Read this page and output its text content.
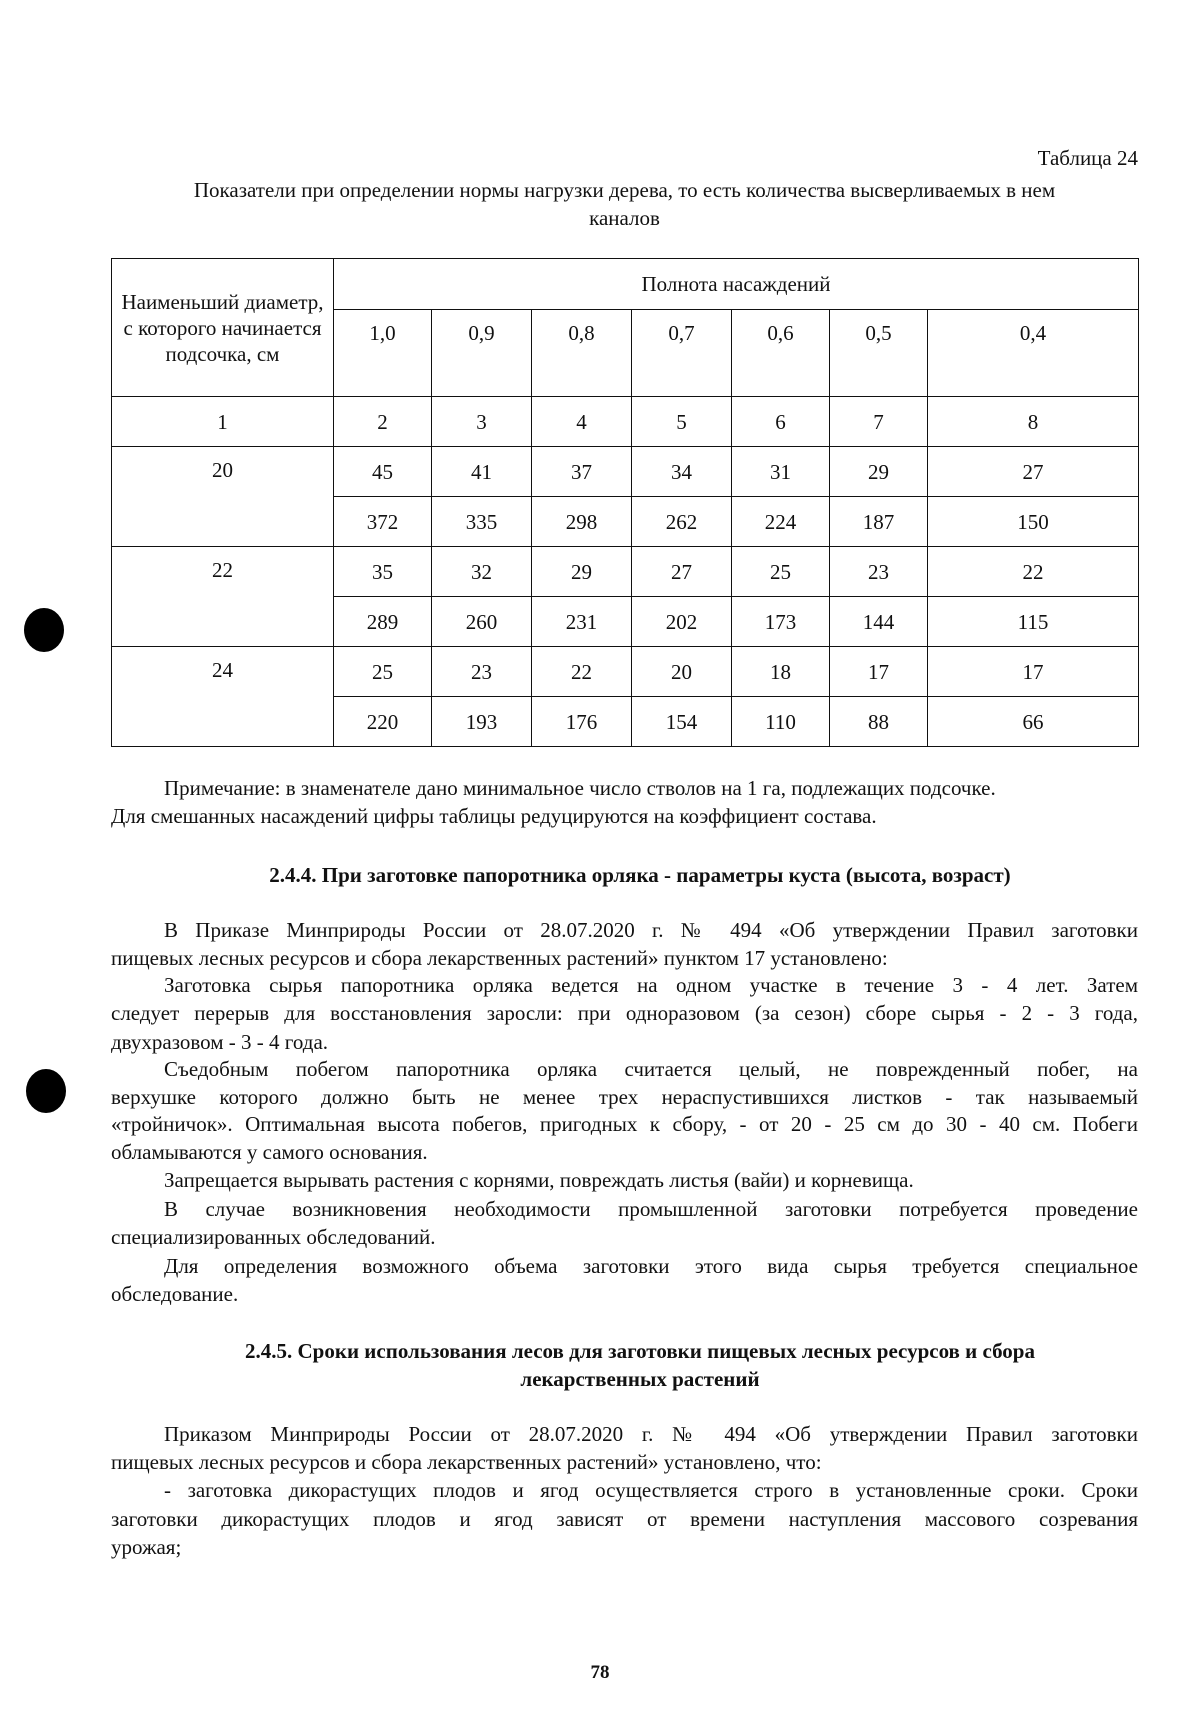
Таблица 24
Показатели при определении нормы нагрузки дерева, то есть количества высверливаемых в нем
каналов
Наименьший диаметр, с которого начинается подсочка, см	Полнота насаждений						
	1,0	0,9	0,8	0,7	0,6	0,5	0,4
1	2	3	4	5	6	7	8
20	45	41	37	34	31	29	27
	372	335	298	262	224	187	150
22	35	32	29	27	25	23	22
	289	260	231	202	173	144	115
24	25	23	22	20	18	17	17
	220	193	176	154	110	88	66
Примечание: в знаменателе дано минимальное число стволов на 1 га, подлежащих подсочке.
Для смешанных насаждений цифры таблицы редуцируются на коэффициент состава.
2.4.4. При заготовке папоротника орляка - параметры куста (высота, возраст)
В Приказе Минприроды России от 28.07.2020 г. № 494 «Об утверждении Правил заготовки
пищевых лесных ресурсов и сбора лекарственных растений» пунктом 17 установлено:
Заготовка сырья папоротника орляка ведется на одном участке в течение 3 - 4 лет. Затем
следует перерыв для восстановления заросли: при одноразовом (за сезон) сборе сырья - 2 - 3 года,
двухразовом - 3 - 4 года.
Съедобным побегом папоротника орляка считается целый, не поврежденный побег, на
верхушке которого должно быть не менее трех нераспустившихся листков - так называемый
«тройничок». Оптимальная высота побегов, пригодных к сбору, - от 20 - 25 см до 30 - 40 см. Побеги
обламываются у самого основания.
Запрещается вырывать растения с корнями, повреждать листья (вайи) и корневища.
В случае возникновения необходимости промышленной заготовки потребуется проведение
специализированных обследований.
Для определения возможного объема заготовки этого вида сырья требуется специальное
обследование.
2.4.5. Сроки использования лесов для заготовки пищевых лесных ресурсов и сбора
лекарственных растений
Приказом Минприроды России от 28.07.2020 г. № 494 «Об утверждении Правил заготовки
пищевых лесных ресурсов и сбора лекарственных растений» установлено, что:
- заготовка дикорастущих плодов и ягод осуществляется строго в установленные сроки. Сроки
заготовки дикорастущих плодов и ягод зависят от времени наступления массового созревания
урожая;
78
